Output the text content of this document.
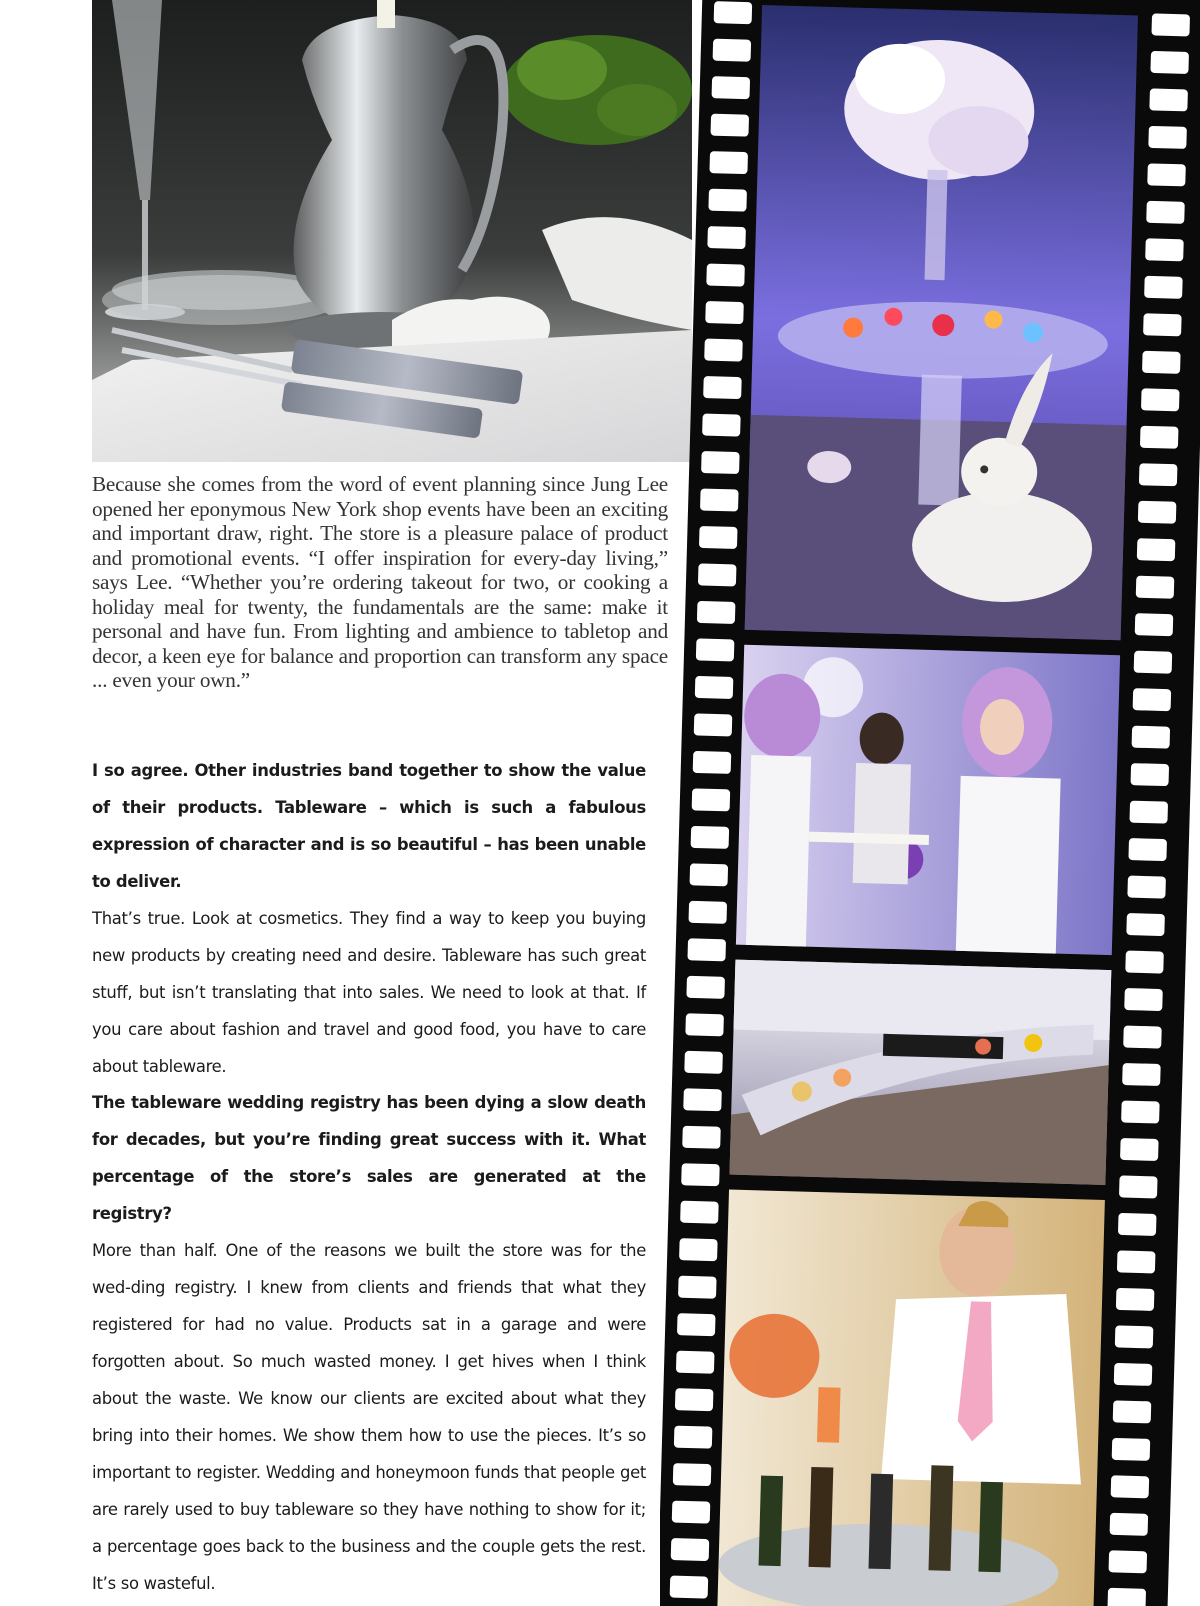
Because she comes from the word of event planning since Jung Lee opened her eponymous New York shop events have been an exciting and important draw, right. The store is a pleasure palace of product and promotional events. “I offer inspiration for every-day living,” says Lee. “Whether you’re ordering takeout for two, or cooking a holiday meal for twenty, the fundamentals are the same: make it personal and have fun. From lighting and ambience to tabletop and decor, a keen eye for balance and proportion can transform any space ... even your own.”

I so agree. Other industries band together to show the value of their products. Tableware – which is such a fabulous expression of character and is so beautiful – has been unable to deliver.

That’s true. Look at cosmetics. They find a way to keep you buying new products by creating need and desire. Tableware has such great stuff, but isn’t translating that into sales. We need to look at that. If you care about fashion and travel and good food, you have to care about tableware.

The tableware wedding registry has been dying a slow death for decades, but you’re finding great success with it. What percentage of the store’s sales are generated at the registry?

More than half. One of the reasons we built the store was for the wed-ding registry. I knew from clients and friends that what they registered for had no value. Products sat in a garage and were forgotten about. So much wasted money. I get hives when I think about the waste. We know our clients are excited about what they bring into their homes. We show them how to use the pieces. It’s so important to register. Wedding and honeymoon funds that people get are rarely used to buy tableware so they have nothing to show for it; a percentage goes back to the business and the couple gets the rest. It’s so wasteful.
